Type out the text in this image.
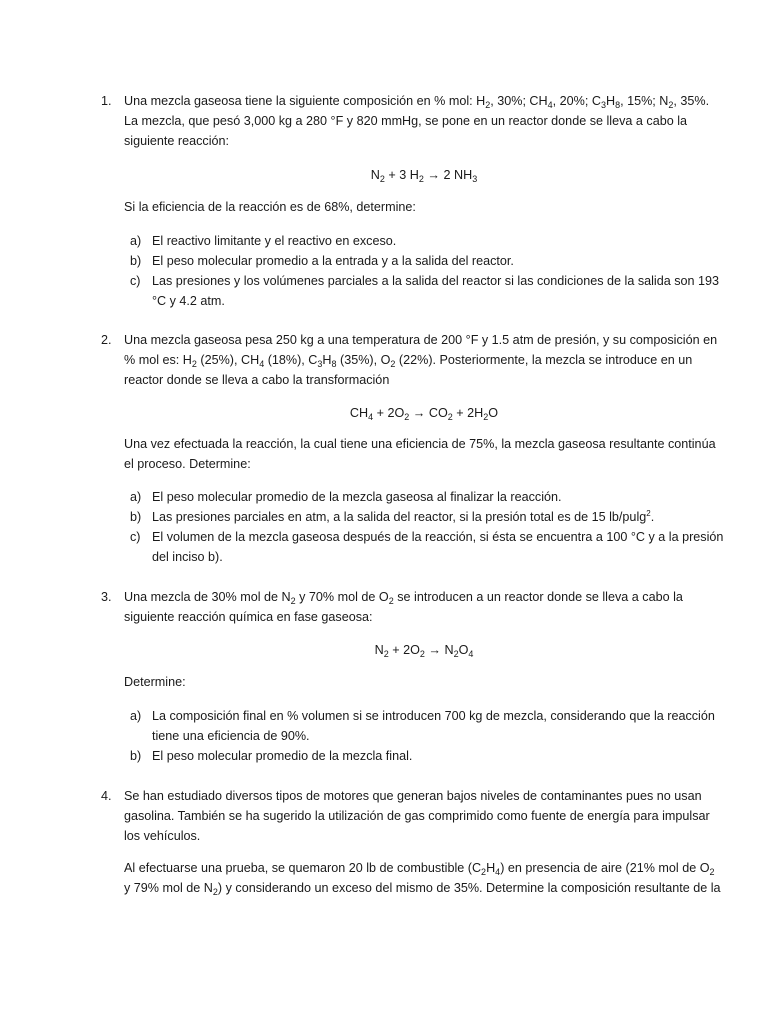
1. Una mezcla gaseosa tiene la siguiente composición en % mol: $H_2$, 30%; $CH_4$, 20%; $C_3H_8$, 15%; $N_2$, 35%. La mezcla, que pesó 3,000 kg a 280 °F y 820 mmHg, se pone en un reactor donde se lleva a cabo la siguiente reacción:

$N_2 + 3$ $H_2 \to 2$ $NH_3$

Si la eficiencia de la reacción es de 68%, determine:

a) El reactivo limitante y el reactivo en exceso.
b) El peso molecular promedio a la entrada y a la salida del reactor.
c) Las presiones y los volúmenes parciales a la salida del reactor si las condiciones de la salida son 193 °C y 4.2 atm.
2. Una mezcla gaseosa pesa 250 kg a una temperatura de 200 °F y 1.5 atm de presión, y su composición en % mol es: $H_2$ (25%), $CH_4$ (18%), $C_3H_8$ (35%), $O_2$ (22%). Posteriormente, la mezcla se introduce en un reactor donde se lleva a cabo la transformación

$CH_4 + 2O_2 \to CO_2 + 2H_2O$

Una vez efectuada la reacción, la cual tiene una eficiencia de 75%, la mezcla gaseosa resultante continúa el proceso. Determine:

a) El peso molecular promedio de la mezcla gaseosa al finalizar la reacción.
b) Las presiones parciales en atm, a la salida del reactor, si la presión total es de 15 lb/pulg$^2$.
c) El volumen de la mezcla gaseosa después de la reacción, si ésta se encuentra a 100 °C y a la presión del inciso b).
3. Una mezcla de 30% mol de $N_2$ y 70% mol de $O_2$ se introducen a un reactor donde se lleva a cabo la siguiente reacción química en fase gaseosa:

$N_2 + 2O_2 \to N_2O_4$

Determine:

a) La composición final en % volumen si se introducen 700 kg de mezcla, considerando que la reacción tiene una eficiencia de 90%.
b) El peso molecular promedio de la mezcla final.
4. Se han estudiado diversos tipos de motores que generan bajos niveles de contaminantes pues no usan gasolina. También se ha sugerido la utilización de gas comprimido como fuente de energía para impulsar los vehículos.

Al efectuarse una prueba, se quemaron 20 lb de combustible $(C_2H_4)$ en presencia de aire (21% mol de $O_2$ y 79% mol de $N_2$) y considerando un exceso del mismo de 35%. Determine la composición resultante de la
